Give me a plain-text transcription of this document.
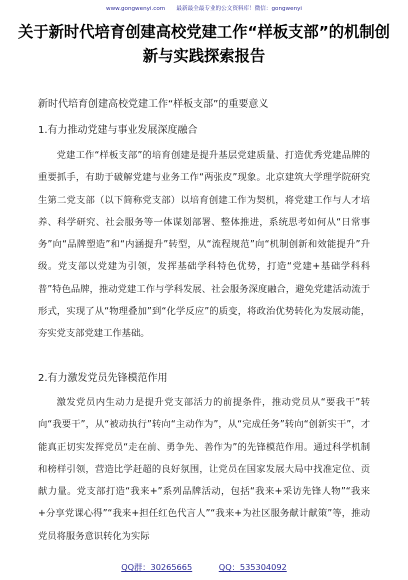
www.gongwenyi.com　　最新最全最专业的公文资料库！微信：gongwenyi
关于新时代培育创建高校党建工作“样板支部”的机制创新与实践探索报告
新时代培育创建高校党建工作“样板支部”的重要意义
1.有力推动党建与事业发展深度融合
党建工作“样板支部”的培育创建是提升基层党建质量、打造优秀党建品牌的重要抓手，有助于破解党建与业务工作“两张皮”现象。北京建筑大学理学院研究生第二党支部（以下简称党支部）以培育创建工作为契机，将党建工作与人才培养、科学研究、社会服务等一体谋划部署、整体推进，系统思考如何从“日常事务”向“品牌塑造”和“内涵提升”转型，从“流程规范”向“机制创新和效能提升”升级。党支部以党建为引领，发挥基础学科特色优势，打造“党建+基础学科科普”特色品牌，推动党建工作与学科发展、社会服务深度融合，避免党建活动流于形式，实现了从“物理叠加”到“化学反应”的质变，将政治优势转化为发展动能，夯实党支部党建工作基础。
2.有力激发党员先锋模范作用
激发党员内生动力是提升党支部活力的前提条件，推动党员从“要我干”转向“我要干”，从“被动执行”转向“主动作为”，从“完成任务”转向“创新实干”，才能真正切实发挥党员“走在前、勇争先、善作为”的先锋模范作用。通过科学机制和榜样引领，营造比学赶超的良好氛围，让党员在国家发展大局中找准定位、贡献力量。党支部打造“我来+”系列品牌活动，包括“我来+采访先锋人物”“我来+分享党课心得”“我来+担任红色代言人”“我来+为社区服务献计献策”等，推动党员将服务意识转化为实际
QQ群：30265665	QQ：535304092
